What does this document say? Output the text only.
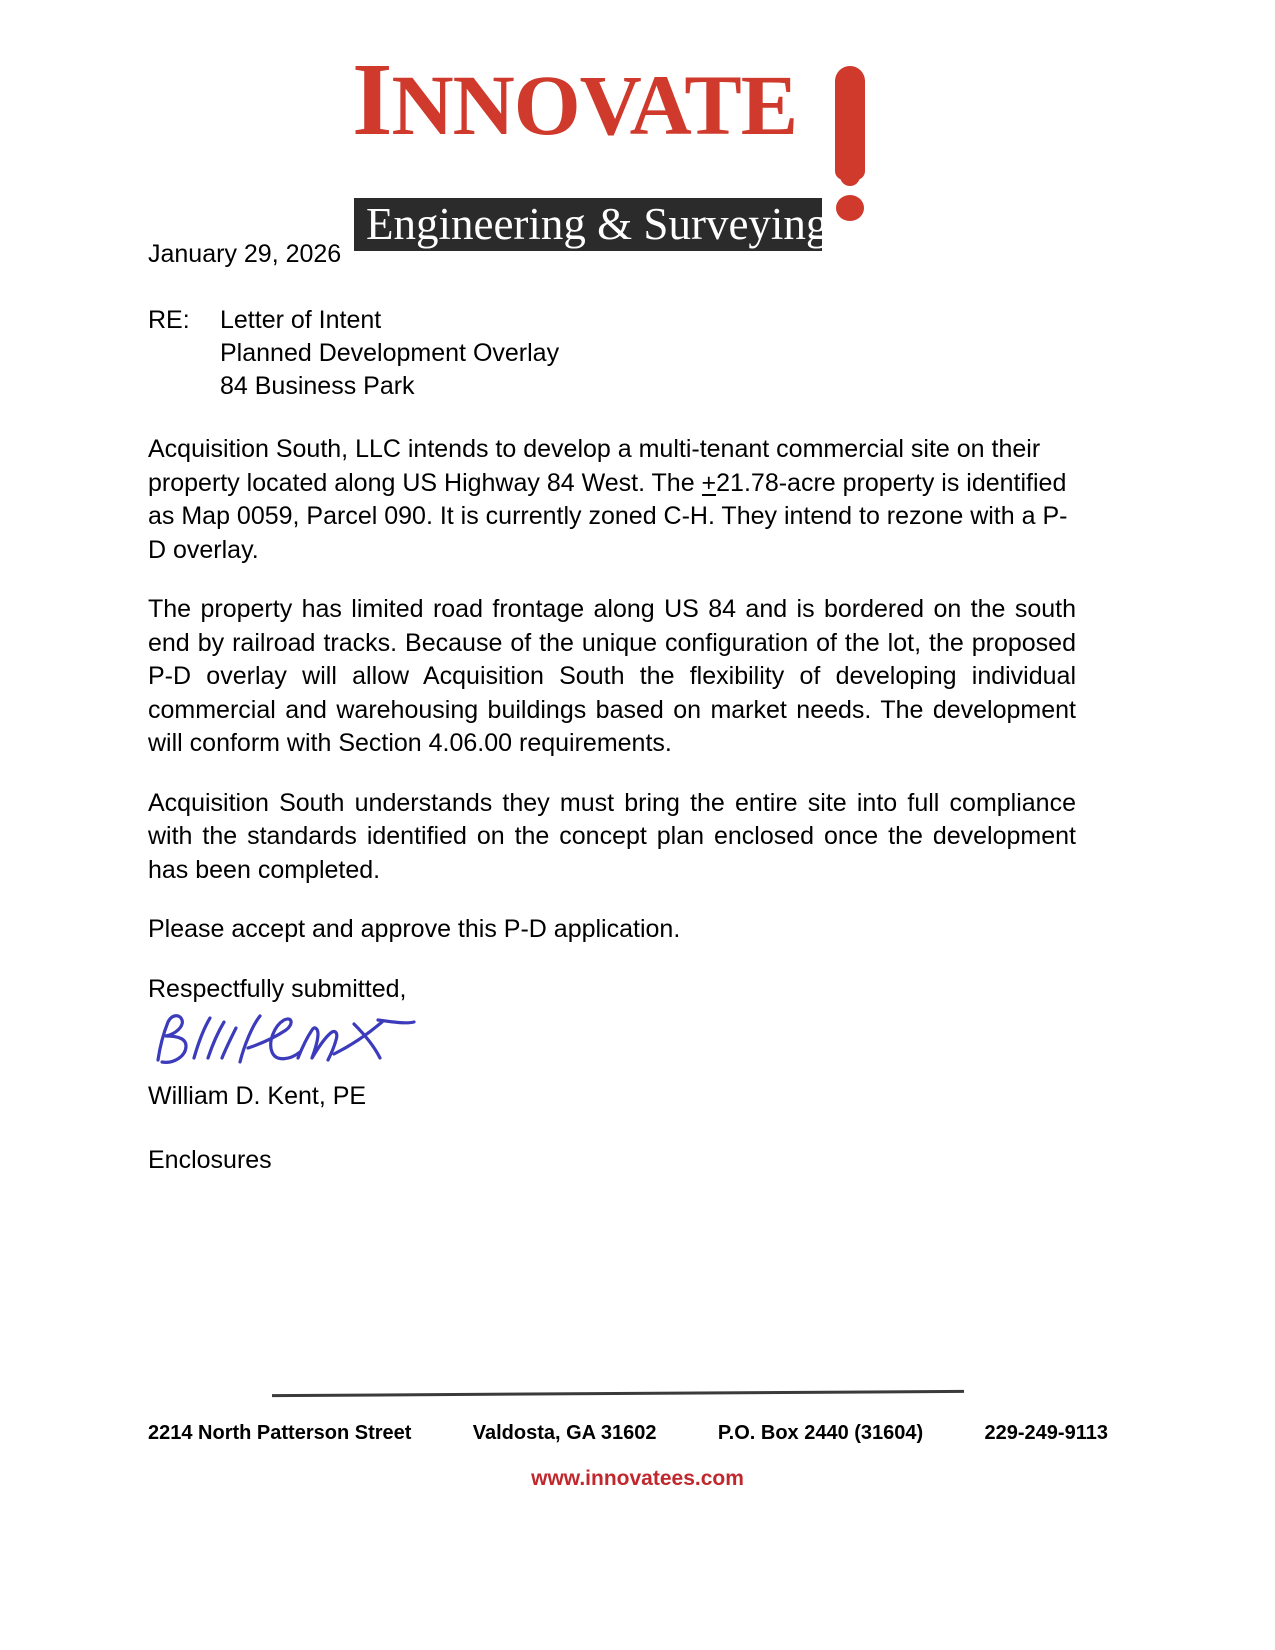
INNOVATE
Engineering & Surveying
January 29, 2026
RE:	Letter of Intent
Planned Development Overlay
84 Business Park

Acquisition South, LLC intends to develop a multi-tenant commercial site on their property located along US Highway 84 West. The +21.78-acre property is identified as Map 0059, Parcel 090. It is currently zoned C-H. They intend to rezone with a P-D overlay.

The property has limited road frontage along US 84 and is bordered on the south end by railroad tracks. Because of the unique configuration of the lot, the proposed P-D overlay will allow Acquisition South the flexibility of developing individual commercial and warehousing buildings based on market needs. The development will conform with Section 4.06.00 requirements.

Acquisition South understands they must bring the entire site into full compliance with the standards identified on the concept plan enclosed once the development has been completed.

Please accept and approve this P-D application.

Respectfully submitted,
William D. Kent, PE
Enclosures
2214 North Patterson Street	Valdosta, GA 31602	P.O. Box 2440 (31604)	229-249-9113
www.innovatees.com
